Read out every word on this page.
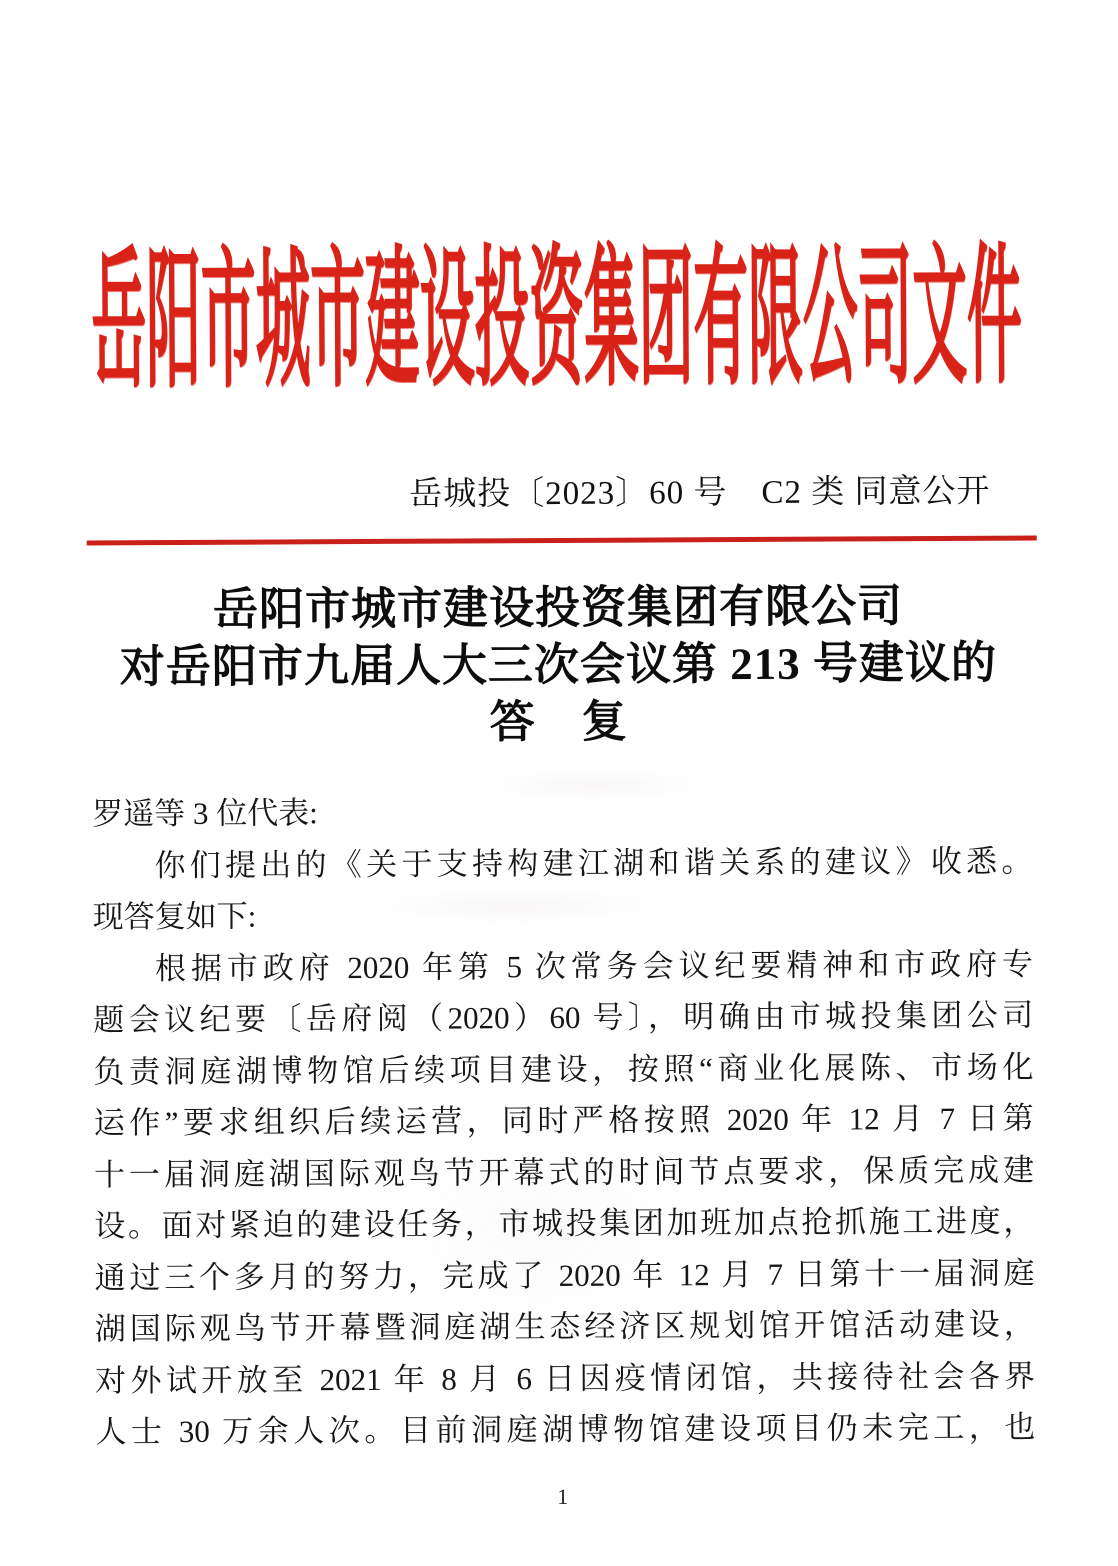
岳阳市城市建设投资集团有限公司文件
岳城投〔2023〕60 号　C2 类 同意公开
岳阳市城市建设投资集团有限公司
对岳阳市九届人大三次会议第 213 号建议的
答　复
罗遥等 3 位代表:
你们提出的《关于支持构建江湖和谐关系的建议》收悉。
现答复如下:
根据市政府 2020 年第 5 次常务会议纪要精神和市政府专
题会议纪要〔岳府阅（2020）60 号〕，明确由市城投集团公司
负责洞庭湖博物馆后续项目建设，按照“商业化展陈、市场化
运作”要求组织后续运营，同时严格按照 2020 年 12 月 7 日第
十一届洞庭湖国际观鸟节开幕式的时间节点要求，保质完成建
设。面对紧迫的建设任务，市城投集团加班加点抢抓施工进度，
通过三个多月的努力，完成了 2020 年 12 月 7 日第十一届洞庭
湖国际观鸟节开幕暨洞庭湖生态经济区规划馆开馆活动建设，
对外试开放至 2021 年 8 月 6 日因疫情闭馆，共接待社会各界
人士 30 万余人次。目前洞庭湖博物馆建设项目仍未完工，也
1
